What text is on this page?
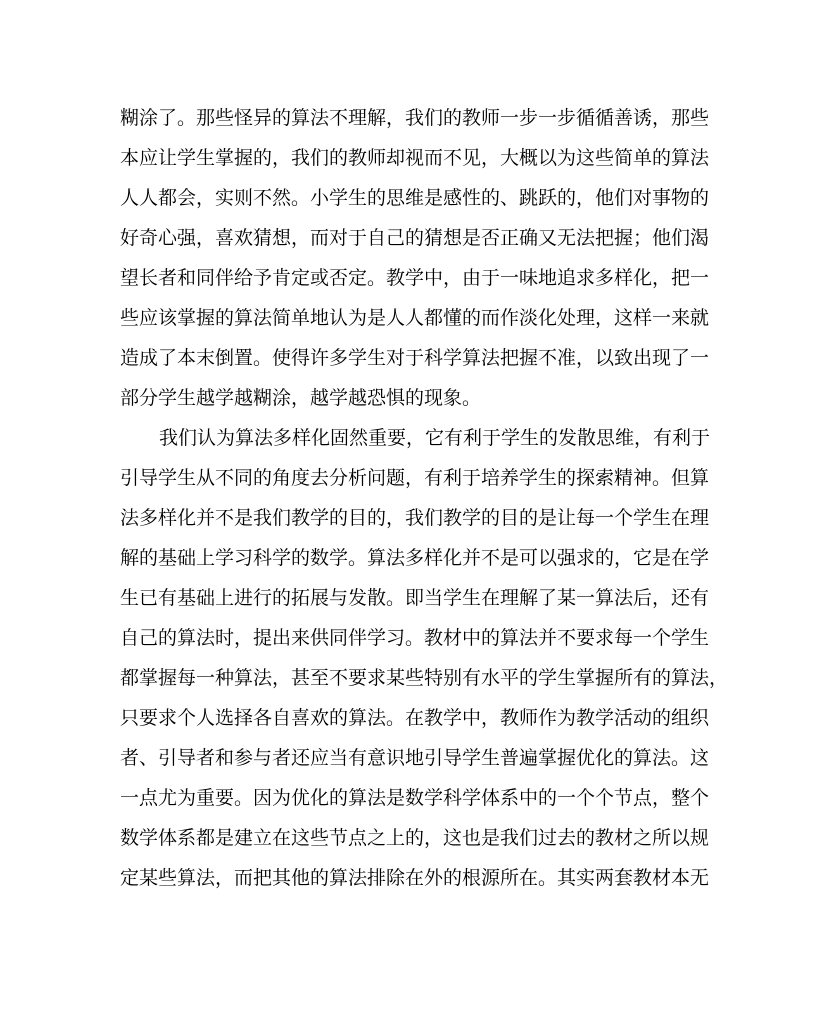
糊涂了。那些怪异的算法不理解，我们的教师一步一步循循善诱，那些
本应让学生掌握的，我们的教师却视而不见，大概以为这些简单的算法
人人都会，实则不然。小学生的思维是感性的、跳跃的，他们对事物的
好奇心强，喜欢猜想，而对于自己的猜想是否正确又无法把握；他们渴
望长者和同伴给予肯定或否定。教学中，由于一味地追求多样化，把一
些应该掌握的算法简单地认为是人人都懂的而作淡化处理，这样一来就
造成了本末倒置。使得许多学生对于科学算法把握不准，以致出现了一
部分学生越学越糊涂，越学越恐惧的现象。
我们认为算法多样化固然重要，它有利于学生的发散思维，有利于
引导学生从不同的角度去分析问题，有利于培养学生的探索精神。但算
法多样化并不是我们教学的目的，我们教学的目的是让每一个学生在理
解的基础上学习科学的数学。算法多样化并不是可以强求的，它是在学
生已有基础上进行的拓展与发散。即当学生在理解了某一算法后，还有
自己的算法时，提出来供同伴学习。教材中的算法并不要求每一个学生
都掌握每一种算法，甚至不要求某些特别有水平的学生掌握所有的算法，
只要求个人选择各自喜欢的算法。在教学中，教师作为教学活动的组织
者、引导者和参与者还应当有意识地引导学生普遍掌握优化的算法。这
一点尤为重要。因为优化的算法是数学科学体系中的一个个节点，整个
数学体系都是建立在这些节点之上的，这也是我们过去的教材之所以规
定某些算法，而把其他的算法排除在外的根源所在。其实两套教材本无
